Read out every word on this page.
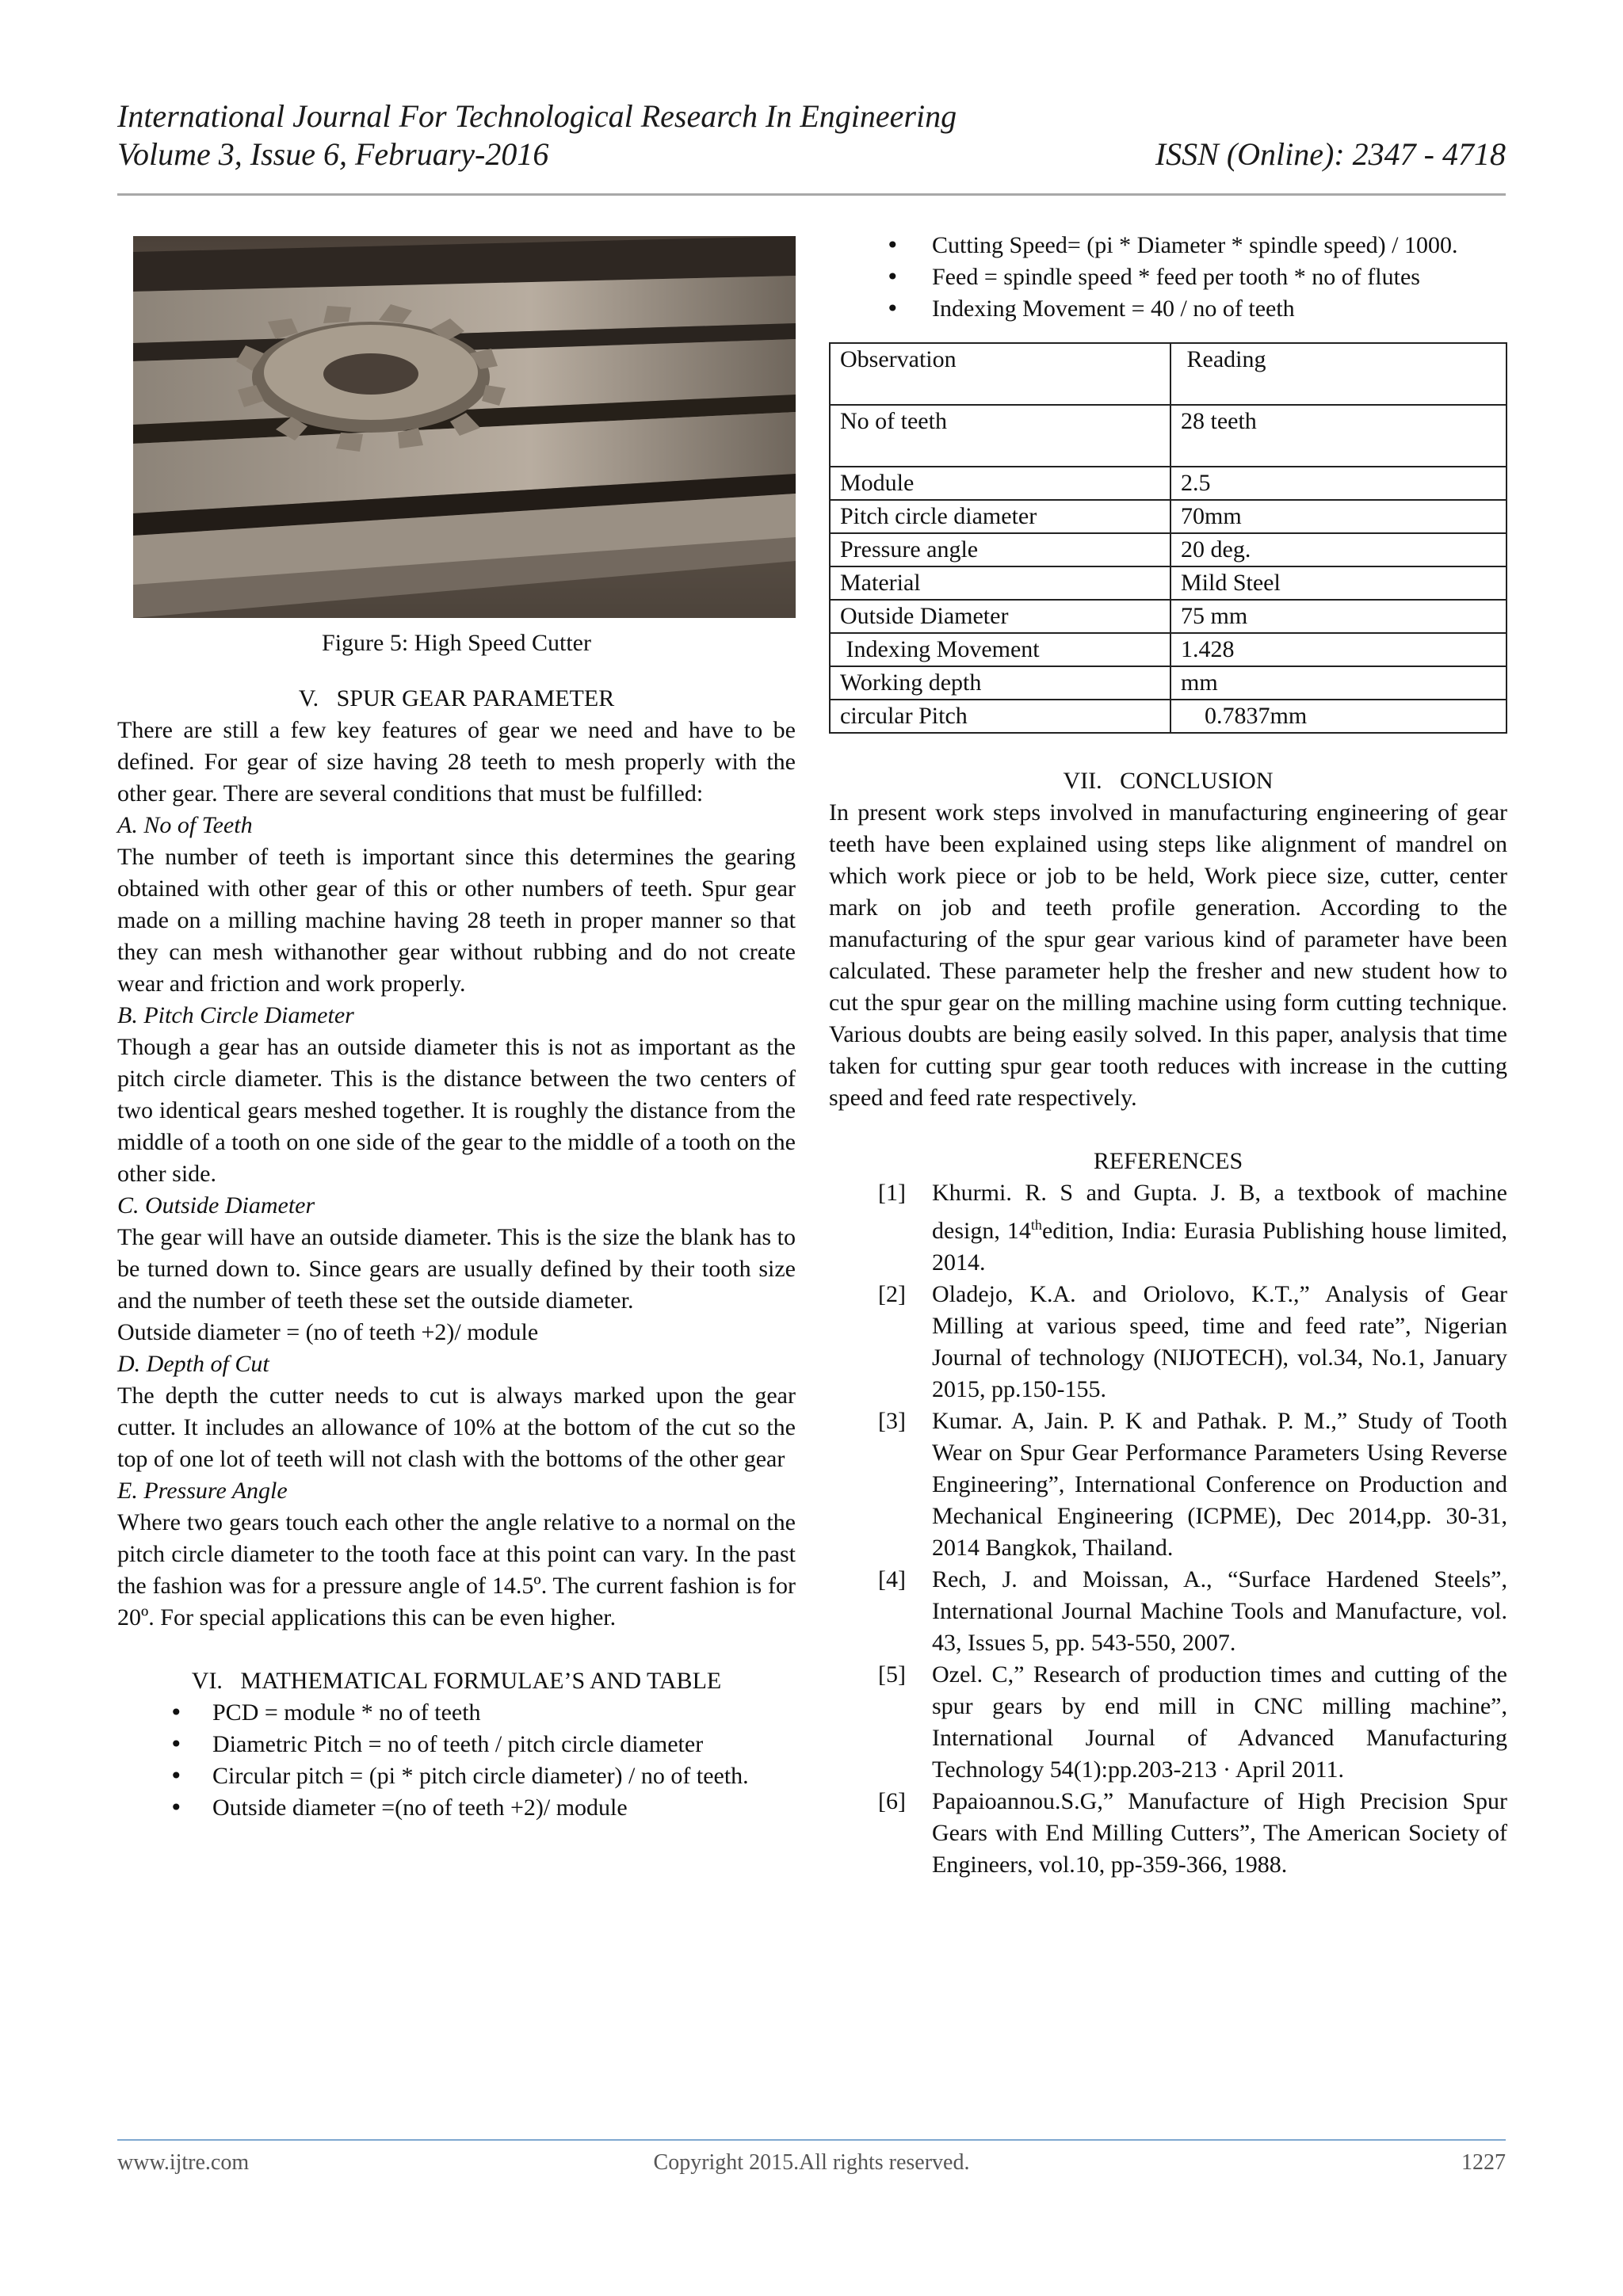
International Journal For Technological Research In Engineering
Volume 3, Issue 6, February-2016	ISSN (Online): 2347 - 4718

Figure 5: High Speed Cutter

V.   SPUR GEAR PARAMETER

There are still a few key features of gear we need and have to be defined. For gear of size having 28 teeth to mesh properly with the other gear. There are several conditions that must be fulfilled:

A. No of Teeth

The number of teeth is important since this determines the gearing obtained with other gear of this or other numbers of teeth. Spur gear made on a milling machine having 28 teeth in proper manner so that they can mesh withanother gear without rubbing and do not create wear and friction and work properly.

B. Pitch Circle Diameter

Though a gear has an outside diameter this is not as important as the pitch circle diameter. This is the distance between the two centers of two identical gears meshed together. It is roughly the distance from the middle of a tooth on one side of the gear to the middle of a tooth on the other side.

C. Outside Diameter

The gear will have an outside diameter. This is the size the blank has to be turned down to. Since gears are usually defined by their tooth size and the number of teeth these set the outside diameter.

Outside diameter = (no of teeth +2)/ module

D. Depth of Cut

The depth the cutter needs to cut is always marked upon the gear cutter. It includes an allowance of 10% at the bottom of the cut so the top of one lot of teeth will not clash with the bottoms of the other gear

E. Pressure Angle

Where two gears touch each other the angle relative to a normal on the pitch circle diameter to the tooth face at this point can vary. In the past the fashion was for a pressure angle of 14.5º. The current fashion is for 20º. For special applications this can be even higher.

VI.   MATHEMATICAL FORMULAE’S AND TABLE

• PCD = module * no of teeth
• Diametric Pitch = no of teeth / pitch circle diameter
• Circular pitch = (pi * pitch circle diameter) / no of teeth.
• Outside diameter =(no of teeth +2)/ module
• Cutting Speed= (pi * Diameter * spindle speed) / 1000.
• Feed = spindle speed * feed per tooth * no of flutes
• Indexing Movement = 40 / no of teeth
Observation	Reading
No of teeth	28 teeth
Module	2.5
Pitch circle diameter	70mm
Pressure angle	20 deg.
Material	Mild Steel
Outside Diameter	75 mm
Indexing Movement	1.428
Working depth	mm
circular Pitch	0.7837mm

VII.   CONCLUSION

In present work steps involved in manufacturing engineering of gear teeth have been explained using steps like alignment of mandrel on which work piece or job to be held, Work piece size, cutter, center mark on job and teeth profile generation. According to the manufacturing of the spur gear various kind of parameter have been calculated. These parameter help the fresher and new student how to cut the spur gear on the milling machine using form cutting technique. Various doubts are being easily solved. In this paper, analysis that time taken for cutting spur gear tooth reduces with increase in the cutting speed and feed rate respectively.

REFERENCES

[1] Khurmi. R. S and Gupta. J. B, a textbook of machine design, 14thedition, India: Eurasia Publishing house limited, 2014.
[2] Oladejo, K.A. and Oriolovo, K.T.,” Analysis of Gear Milling at various speed, time and feed rate”, Nigerian Journal of technology (NIJOTECH), vol.34, No.1, January 2015, pp.150-155.
[3] Kumar. A, Jain. P. K and Pathak. P. M.,” Study of Tooth Wear on Spur Gear Performance Parameters Using Reverse Engineering”, International Conference on Production and Mechanical Engineering (ICPME), Dec 2014,pp. 30-31, 2014 Bangkok, Thailand.
[4] Rech, J. and Moissan, A., “Surface Hardened Steels”, International Journal Machine Tools and Manufacture, vol. 43, Issues 5, pp. 543-550, 2007.
[5] Ozel. C,” Research of production times and cutting of the spur gears by end mill in CNC milling machine”, International Journal of Advanced Manufacturing Technology 54(1):pp.203-213 · April 2011.
[6] Papaioannou.S.G,” Manufacture of High Precision Spur Gears with End Milling Cutters”, The American Society of Engineers, vol.10, pp-359-366, 1988.
www.ijtre.com	Copyright 2015.All rights reserved.	1227
